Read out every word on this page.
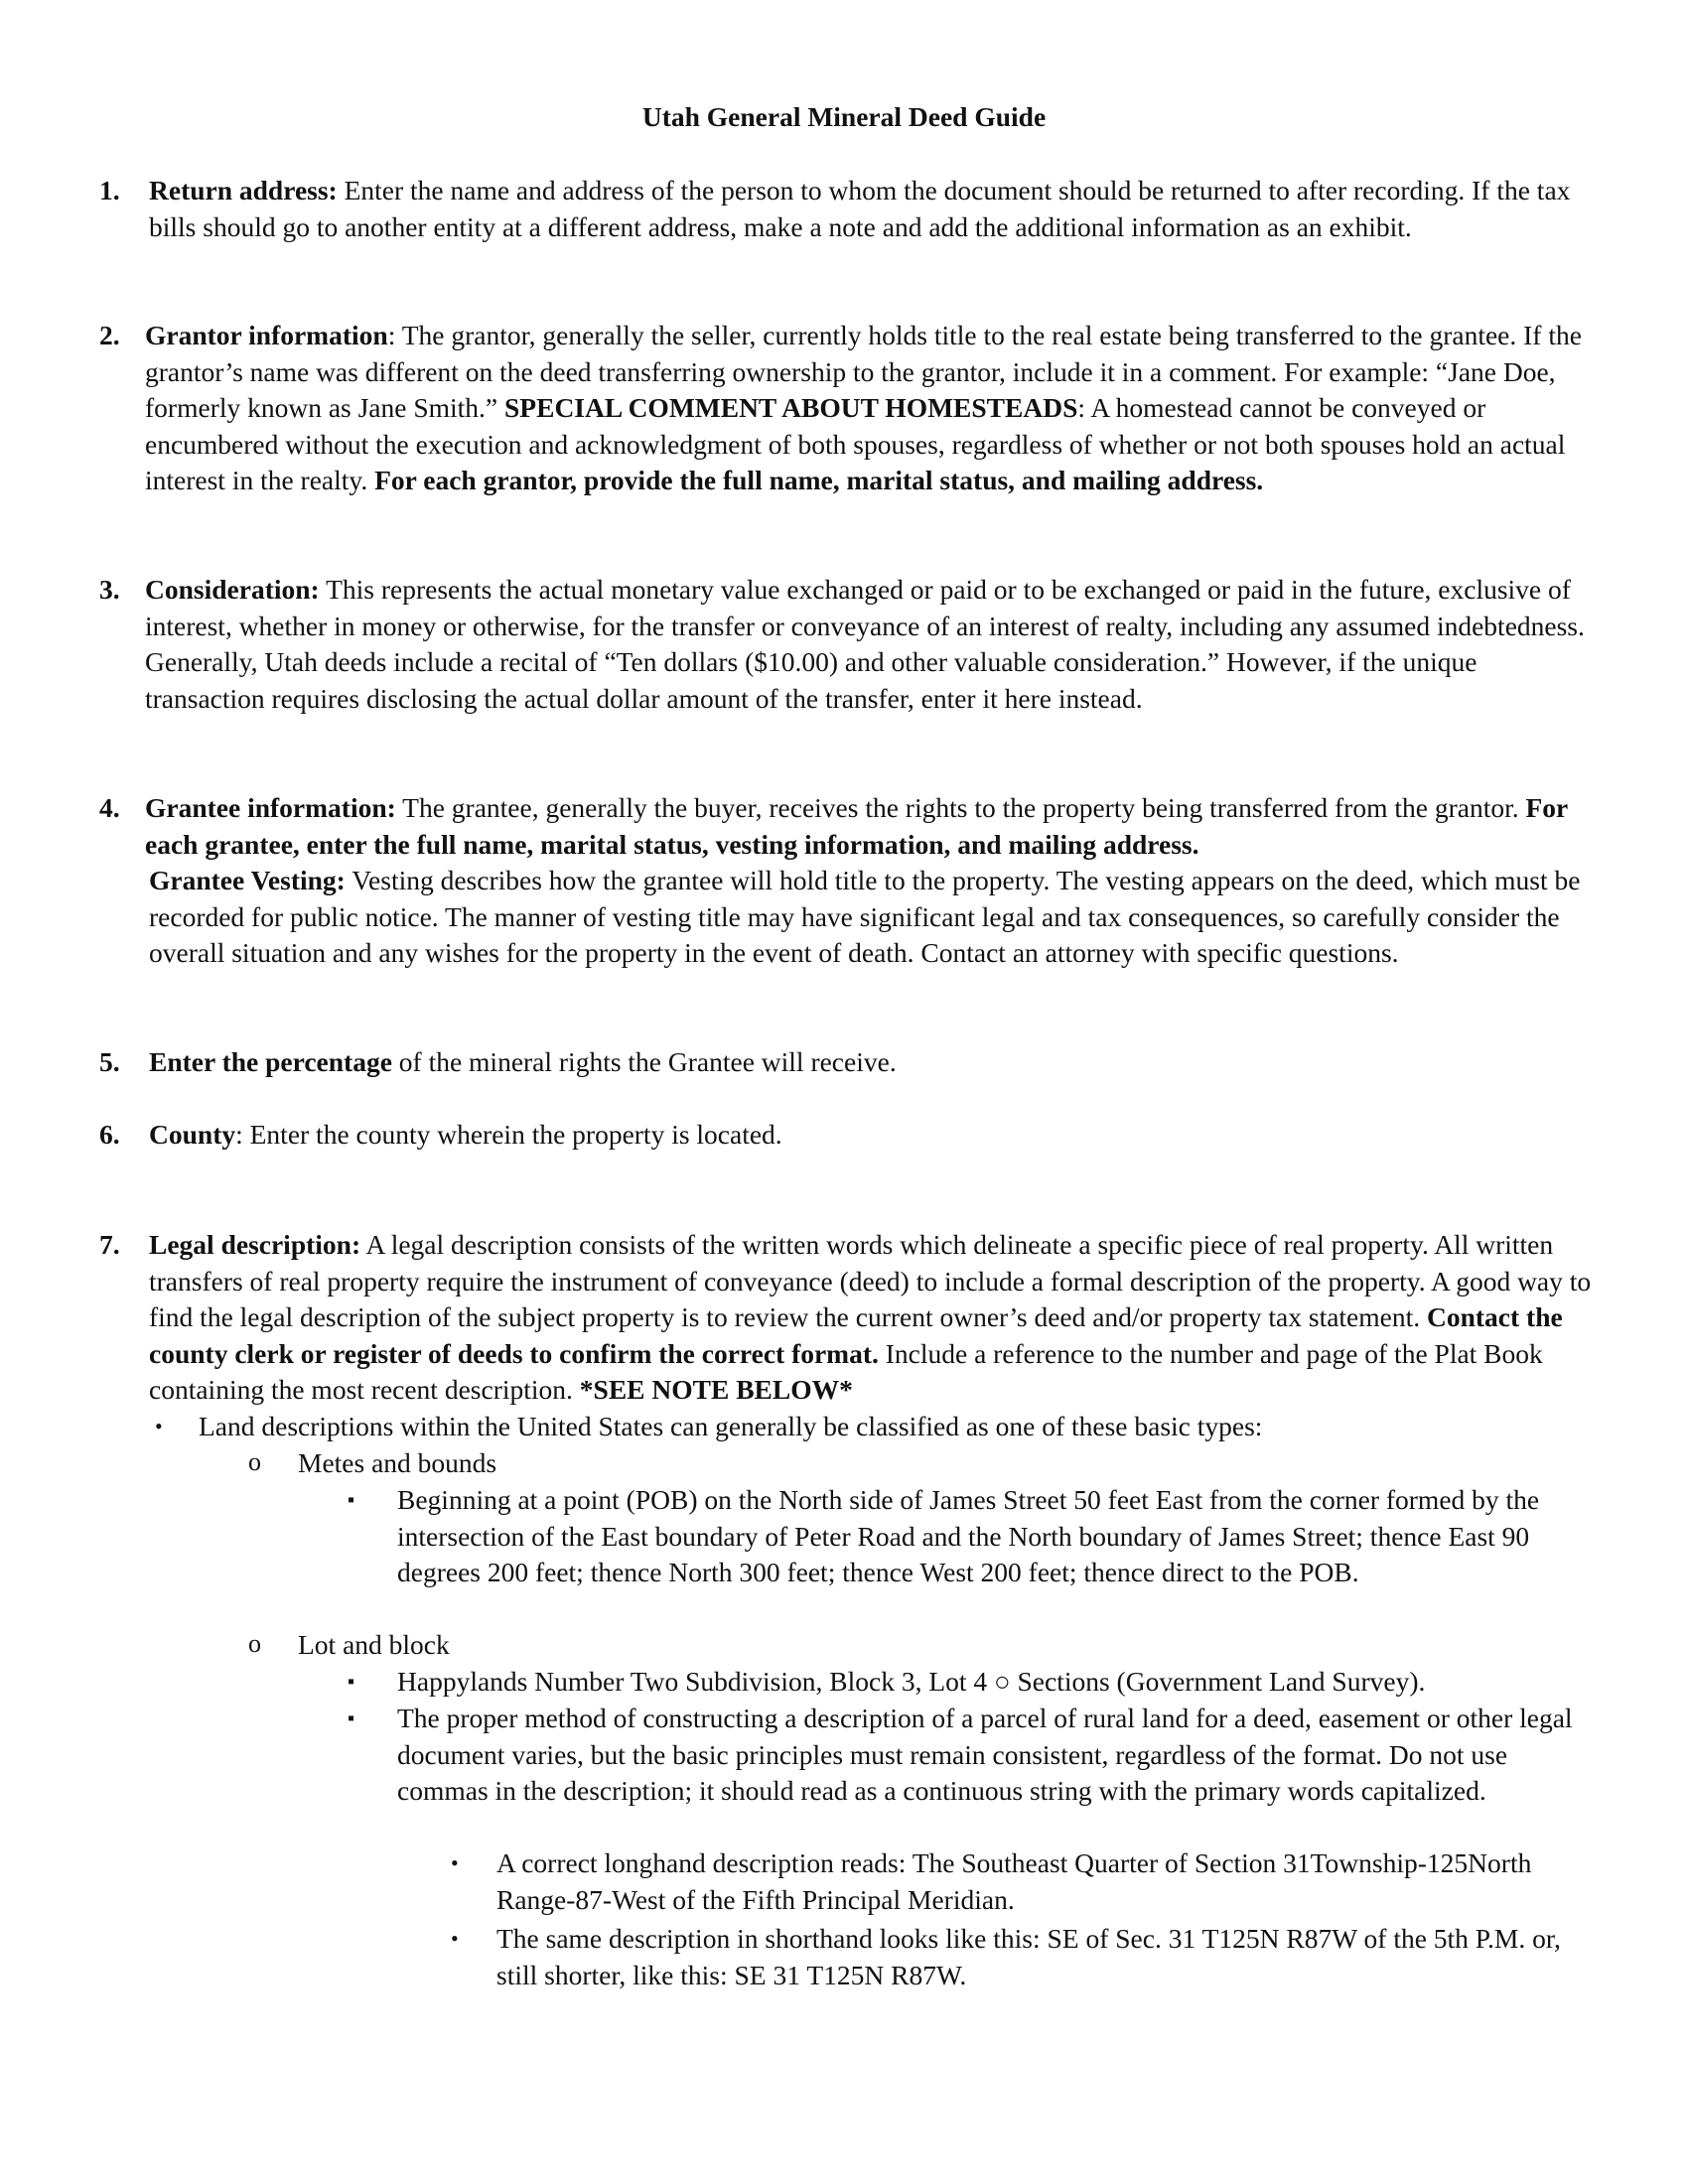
Utah General Mineral Deed Guide
1.	Return address: Enter the name and address of the person to whom the document should be returned to after recording. If the tax bills should go to another entity at a different address, make a note and add the additional information as an exhibit.

2. Grantor information: The grantor, generally the seller, currently holds title to the real estate being transferred to the grantee. If the grantor’s name was different on the deed transferring ownership to the grantor, include it in a comment. For example: “Jane Doe, formerly known as Jane Smith.” SPECIAL COMMENT ABOUT HOMESTEADS: A homestead cannot be conveyed or encumbered without the execution and acknowledgment of both spouses, regardless of whether or not both spouses hold an actual interest in the realty. For each grantor, provide the full name, marital status, and mailing address.

3. Consideration: This represents the actual monetary value exchanged or paid or to be exchanged or paid in the future, exclusive of interest, whether in money or otherwise, for the transfer or conveyance of an interest of realty, including any assumed indebtedness. Generally, Utah deeds include a recital of “Ten dollars ($10.00) and other valuable consideration.” However, if the unique transaction requires disclosing the actual dollar amount of the transfer, enter it here instead.

4. Grantee information: The grantee, generally the buyer, receives the rights to the property being transferred from the grantor. For each grantee, enter the full name, marital status, vesting information, and mailing address.

Grantee Vesting: Vesting describes how the grantee will hold title to the property. The vesting appears on the deed, which must be recorded for public notice. The manner of vesting title may have significant legal and tax consequences, so carefully consider the overall situation and any wishes for the property in the event of death. Contact an attorney with specific questions.

5.	Enter the percentage of the mineral rights the Grantee will receive.

6.	County: Enter the county wherein the property is located.

7.	Legal description: A legal description consists of the written words which delineate a specific piece of real property. All written transfers of real property require the instrument of conveyance (deed) to include a formal description of the property. A good way to find the legal description of the subject property is to review the current owner’s deed and/or property tax statement. Contact the county clerk or register of deeds to confirm the correct format. Include a reference to the number and page of the Plat Book containing the most recent description. *SEE NOTE BELOW*

• Land descriptions within the United States can generally be classified as one of these basic types:
o Metes and bounds
▪ Beginning at a point (POB) on the North side of James Street 50 feet East from the corner formed by the intersection of the East boundary of Peter Road and the North boundary of James Street; thence East 90 degrees 200 feet; thence North 300 feet; thence West 200 feet; thence direct to the POB.
o Lot and block
▪ Happylands Number Two Subdivision, Block 3, Lot 4 ○ Sections (Government Land Survey).
▪ The proper method of constructing a description of a parcel of rural land for a deed, easement or other legal document varies, but the basic principles must remain consistent, regardless of the format. Do not use commas in the description; it should read as a continuous string with the primary words capitalized.
• A correct longhand description reads: The Southeast Quarter of Section 31Township-125North Range-87-West of the Fifth Principal Meridian.
• The same description in shorthand looks like this: SE of Sec. 31 T125N R87W of the 5th P.M. or, still shorter, like this: SE 31 T125N R87W.
